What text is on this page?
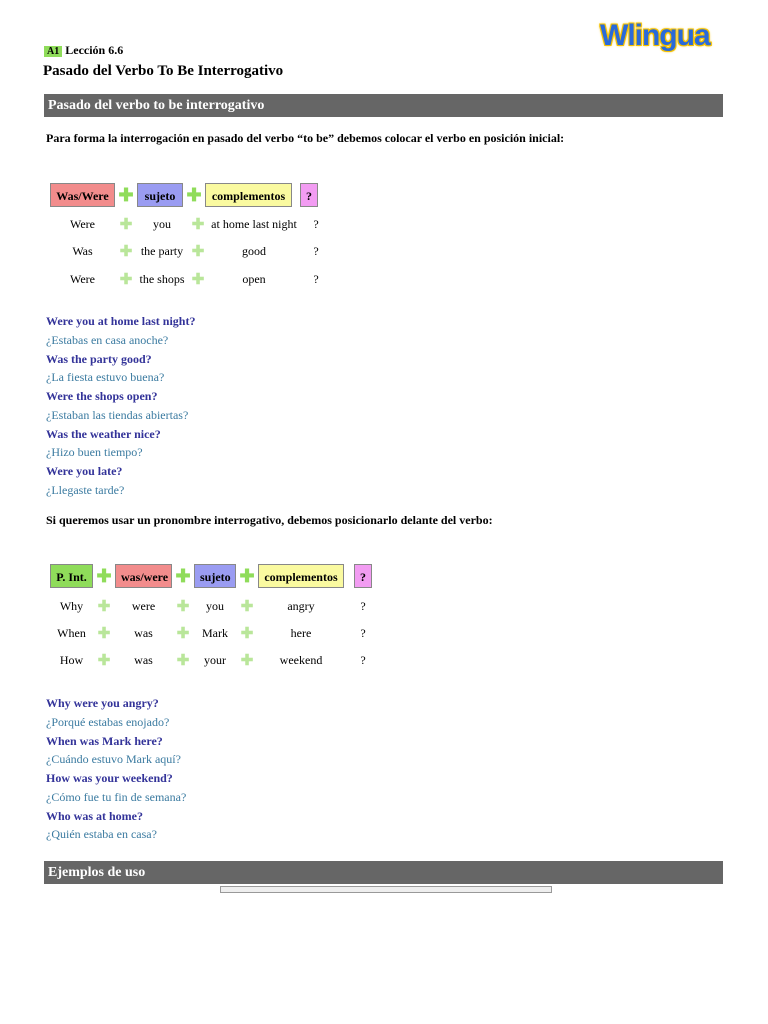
Wlingua
A1 Lección 6.6
Pasado del Verbo To Be Interrogativo
Pasado del verbo to be interrogativo
Para forma la interrogación en pasado del verbo “to be” debemos colocar el verbo en posición inicial:
Was/Were ✚ sujeto ✚ complementos	?
Were	✚	you	✚ at home last night	?
Was	✚ the party ✚	good	?
Were	✚ the shops ✚	open	?
Were you at home last night?
¿Estabas en casa anoche?
Was the party good?
¿La fiesta estuvo buena?
Were the shops open?
¿Estaban las tiendas abiertas?
Was the weather nice?
¿Hizo buen tiempo?
Were you late?
¿Llegaste tarde?
Si queremos usar un pronombre interrogativo, debemos posicionarlo delante del verbo:
P. Int. ✚ was/were ✚ sujeto ✚ complementos	?
Why ✚	were	✚	you	✚	angry	?
When ✚	was	✚	Mark ✚	here	?
How ✚	was	✚	your ✚	weekend	?
Why were you angry?
¿Porqué estabas enojado?
When was Mark here?
¿Cuándo estuvo Mark aquí?
How was your weekend?
¿Cómo fue tu fin de semana?
Who was at home?
¿Quién estaba en casa?
Ejemplos de uso
